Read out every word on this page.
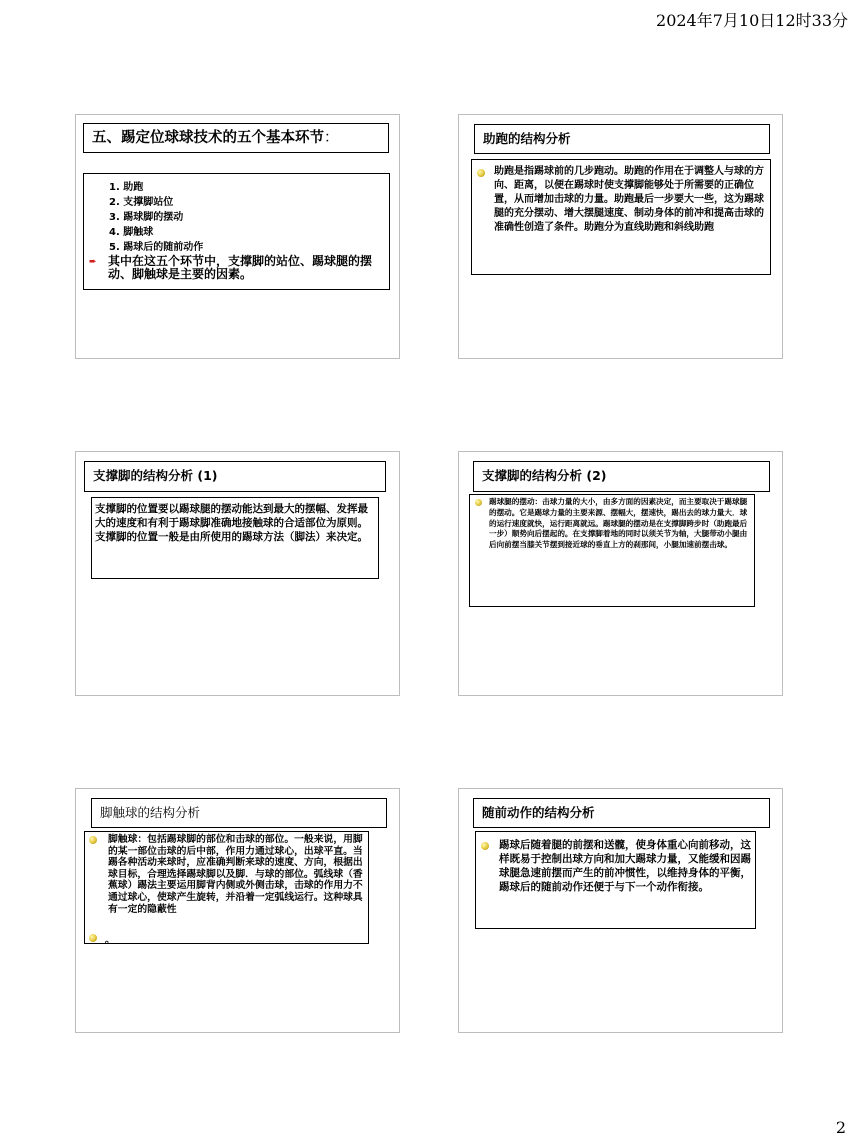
2024年7月10日12时33分
五、踢定位球球技术的五个基本环节：
1. 助跑
2. 支撑脚站位
3. 踢球脚的摆动
4. 脚触球
5. 踢球后的随前动作
➨ 其中在这五个环节中，支撑脚的站位、踢球腿的摆动、脚触球是主要的因素。
助跑的结构分析
助跑是指踢球前的几步跑动。助跑的作用在于调整人与球的方向、距离，以便在踢球时使支撑脚能够处于所需要的正确位置，从而增加击球的力量。助跑最后一步要大一些，这为踢球腿的充分摆动、增大摆腿速度、制动身体的前冲和提高击球的准确性创造了条件。助跑分为直线助跑和斜线助跑
支撑脚的结构分析 (1)
支撑脚的位置要以踢球腿的摆动能达到最大的摆幅、发挥最大的速度和有利于踢球脚准确地接触球的合适部位为原则。支撑脚的位置一般是由所使用的踢球方法（脚法）来决定。
支撑脚的结构分析 (2)
踢球腿的摆动：击球力量的大小，由多方面的因素决定，而主要取决于踢球腿的摆动。它是踢球力量的主要来源、摆幅大，摆速快，踢出去的球力量大．球的运行速度就快，运行距离就远。踢球腿的摆动是在支撑脚跨步时（助跑最后一步）顺势向后摆起的。在支撑脚着地的同时以须关节为轴，大腿带动小腿由后向前摆当膝关节摆到接近球的垂直上方的刹那间，小腿加速前摆击球。
脚触球的结构分析
脚触球：包括踢球脚的部位和击球的部位。一般来说，用脚的某一部位击球的后中部，作用力通过球心，出球平直。当踢各种活动来球时，应准确判断来球的速度、方向，根据出球目标，合理选择踢球脚以及脚．与球的部位。弧线球（香蕉球）踢法主要运用脚背内侧或外侧击球，击球的作用力不通过球心，使球产生旋转，并沿着一定弧线运行。这种球具有一定的隐蔽性
。
随前动作的结构分析
踢球后随着腿的前摆和送髋，使身体重心向前移动，这样既易于控制出球方向和加大踢球力量，又能缓和因踢球腿急速前摆而产生的前冲惯性，以维持身体的平衡，踢球后的随前动作还便于与下一个动作衔接。
2
